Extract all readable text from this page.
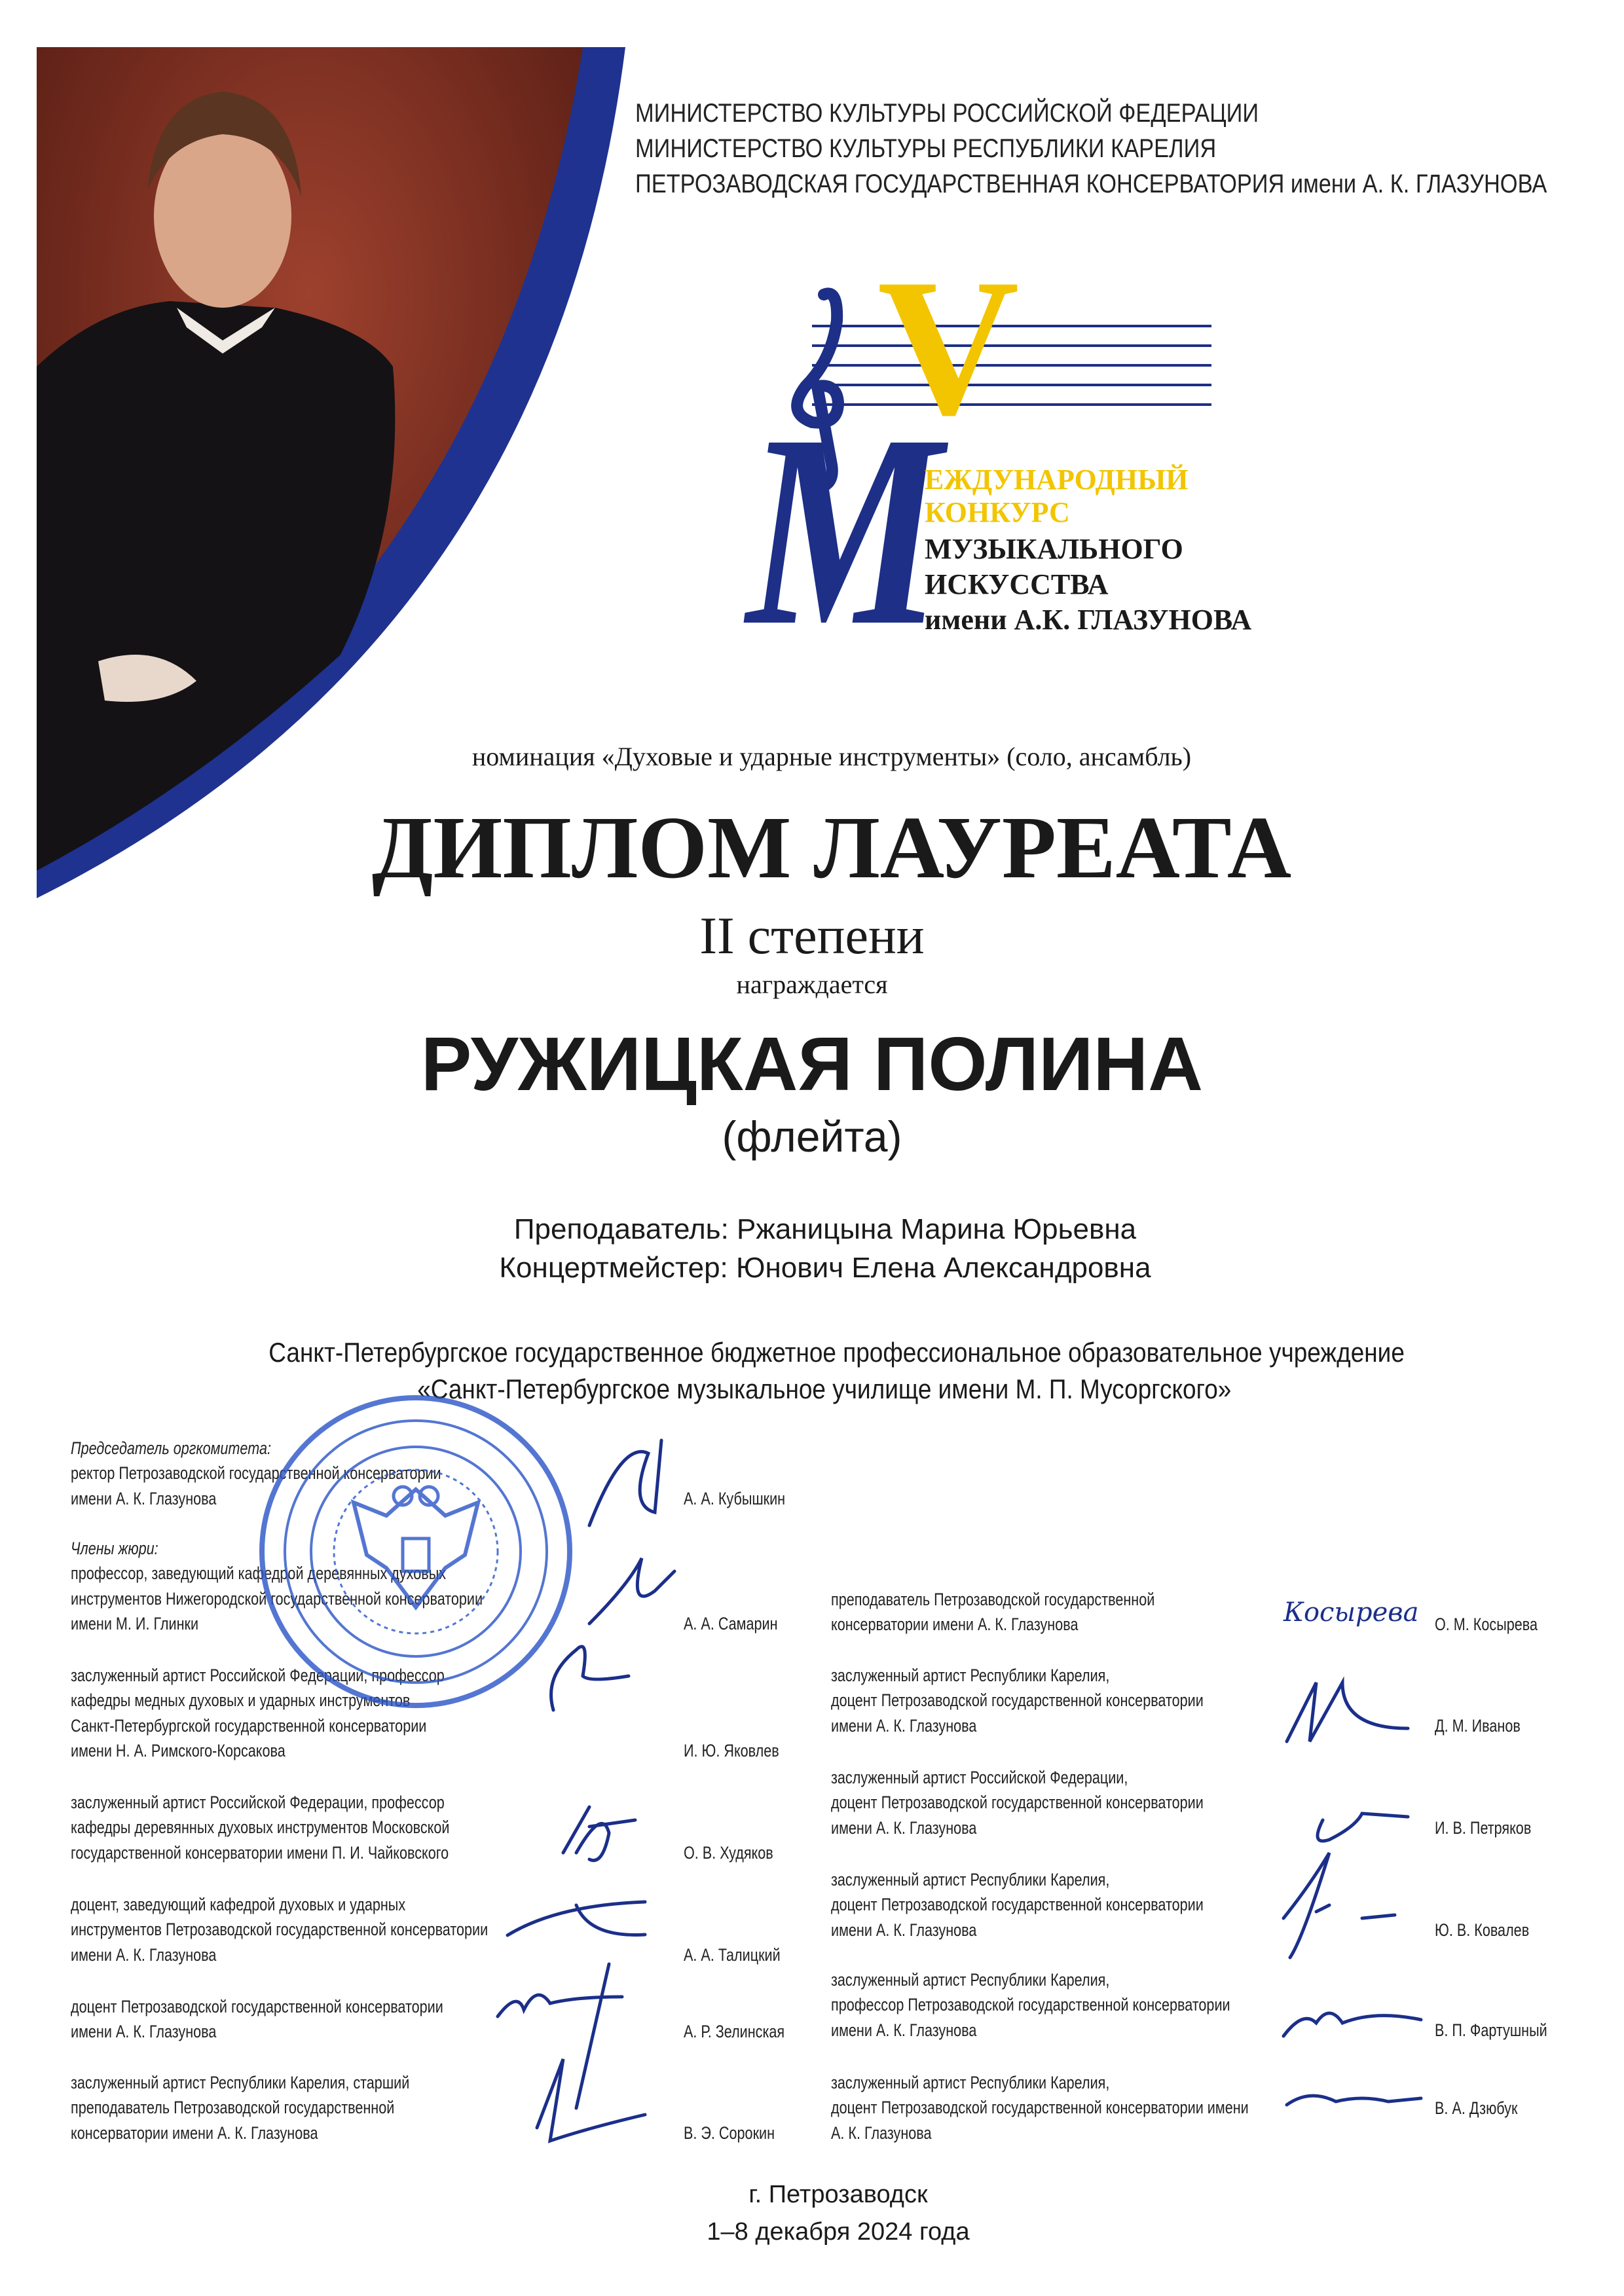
МИНИСТЕРСТВО КУЛЬТУРЫ РОССИЙСКОЙ ФЕДЕРАЦИИ
МИНИСТЕРСТВО КУЛЬТУРЫ РЕСПУБЛИКИ КАРЕЛИЯ
ПЕТРОЗАВОДСКАЯ ГОСУДАРСТВЕННАЯ КОНСЕРВАТОРИЯ имени А. К. ГЛАЗУНОВА
V
М
ЕЖДУНАРОДНЫЙ
КОНКУРС
МУЗЫКАЛЬНОГО
ИСКУССТВА
имени А.К. ГЛАЗУНОВА
номинация «Духовые и ударные инструменты» (соло, ансамбль)
ДИПЛОМ ЛАУРЕАТА
II степени
награждается
РУЖИЦКАЯ ПОЛИНА
(флейта)
Преподаватель: Ржаницына Марина Юрьевна
Концертмейстер: Юнович Елена Александровна
Санкт-Петербургское государственное бюджетное профессиональное образовательное учреждение
«Санкт-Петербургское музыкальное училище имени М. П. Мусоргского»
Председатель оргкомитета:
ректор Петрозаводской государственной консерватории
имени А. К. Глазунова	А. А. Кубышкин
Члены жюри:
профессор, заведующий кафедрой деревянных духовых
инструментов Нижегородской государственной консерватории
имени М. И. Глинки	А. А. Самарин
заслуженный артист Российской Федерации, профессор
кафедры медных духовых и ударных инструментов
Санкт-Петербургской государственной консерватории
имени Н. А. Римского-Корсакова	И. Ю. Яковлев
заслуженный артист Российской Федерации, профессор
кафедры деревянных духовых инструментов Московской
государственной консерватории имени П. И. Чайковского	О. В. Худяков
доцент, заведующий кафедрой духовых и ударных
инструментов Петрозаводской государственной консерватории
имени А. К. Глазунова	А. А. Талицкий
доцент Петрозаводской государственной консерватории
имени А. К. Глазунова	А. Р. Зелинская
заслуженный артист Республики Карелия, старший
преподаватель Петрозаводской государственной
консерватории имени А. К. Глазунова	В. Э. Сорокин
преподаватель Петрозаводской государственной
консерватории имени А. К. Глазунова	О. М. Косырева
заслуженный артист Республики Карелия,
доцент Петрозаводской государственной консерватории
имени А. К. Глазунова	Д. М. Иванов
заслуженный артист Российской Федерации,
доцент Петрозаводской государственной консерватории
имени А. К. Глазунова	И. В. Петряков
заслуженный артист Республики Карелия,
доцент Петрозаводской государственной консерватории
имени А. К. Глазунова	Ю. В. Ковалев
заслуженный артист Республики Карелия,
профессор Петрозаводской государственной консерватории
имени А. К. Глазунова	В. П. Фартушный
заслуженный артист Республики Карелия,
доцент Петрозаводской государственной консерватории имени
А. К. Глазунова
В. А. Дзюбук
Косырева
г. Петрозаводск
1–8 декабря 2024 года
